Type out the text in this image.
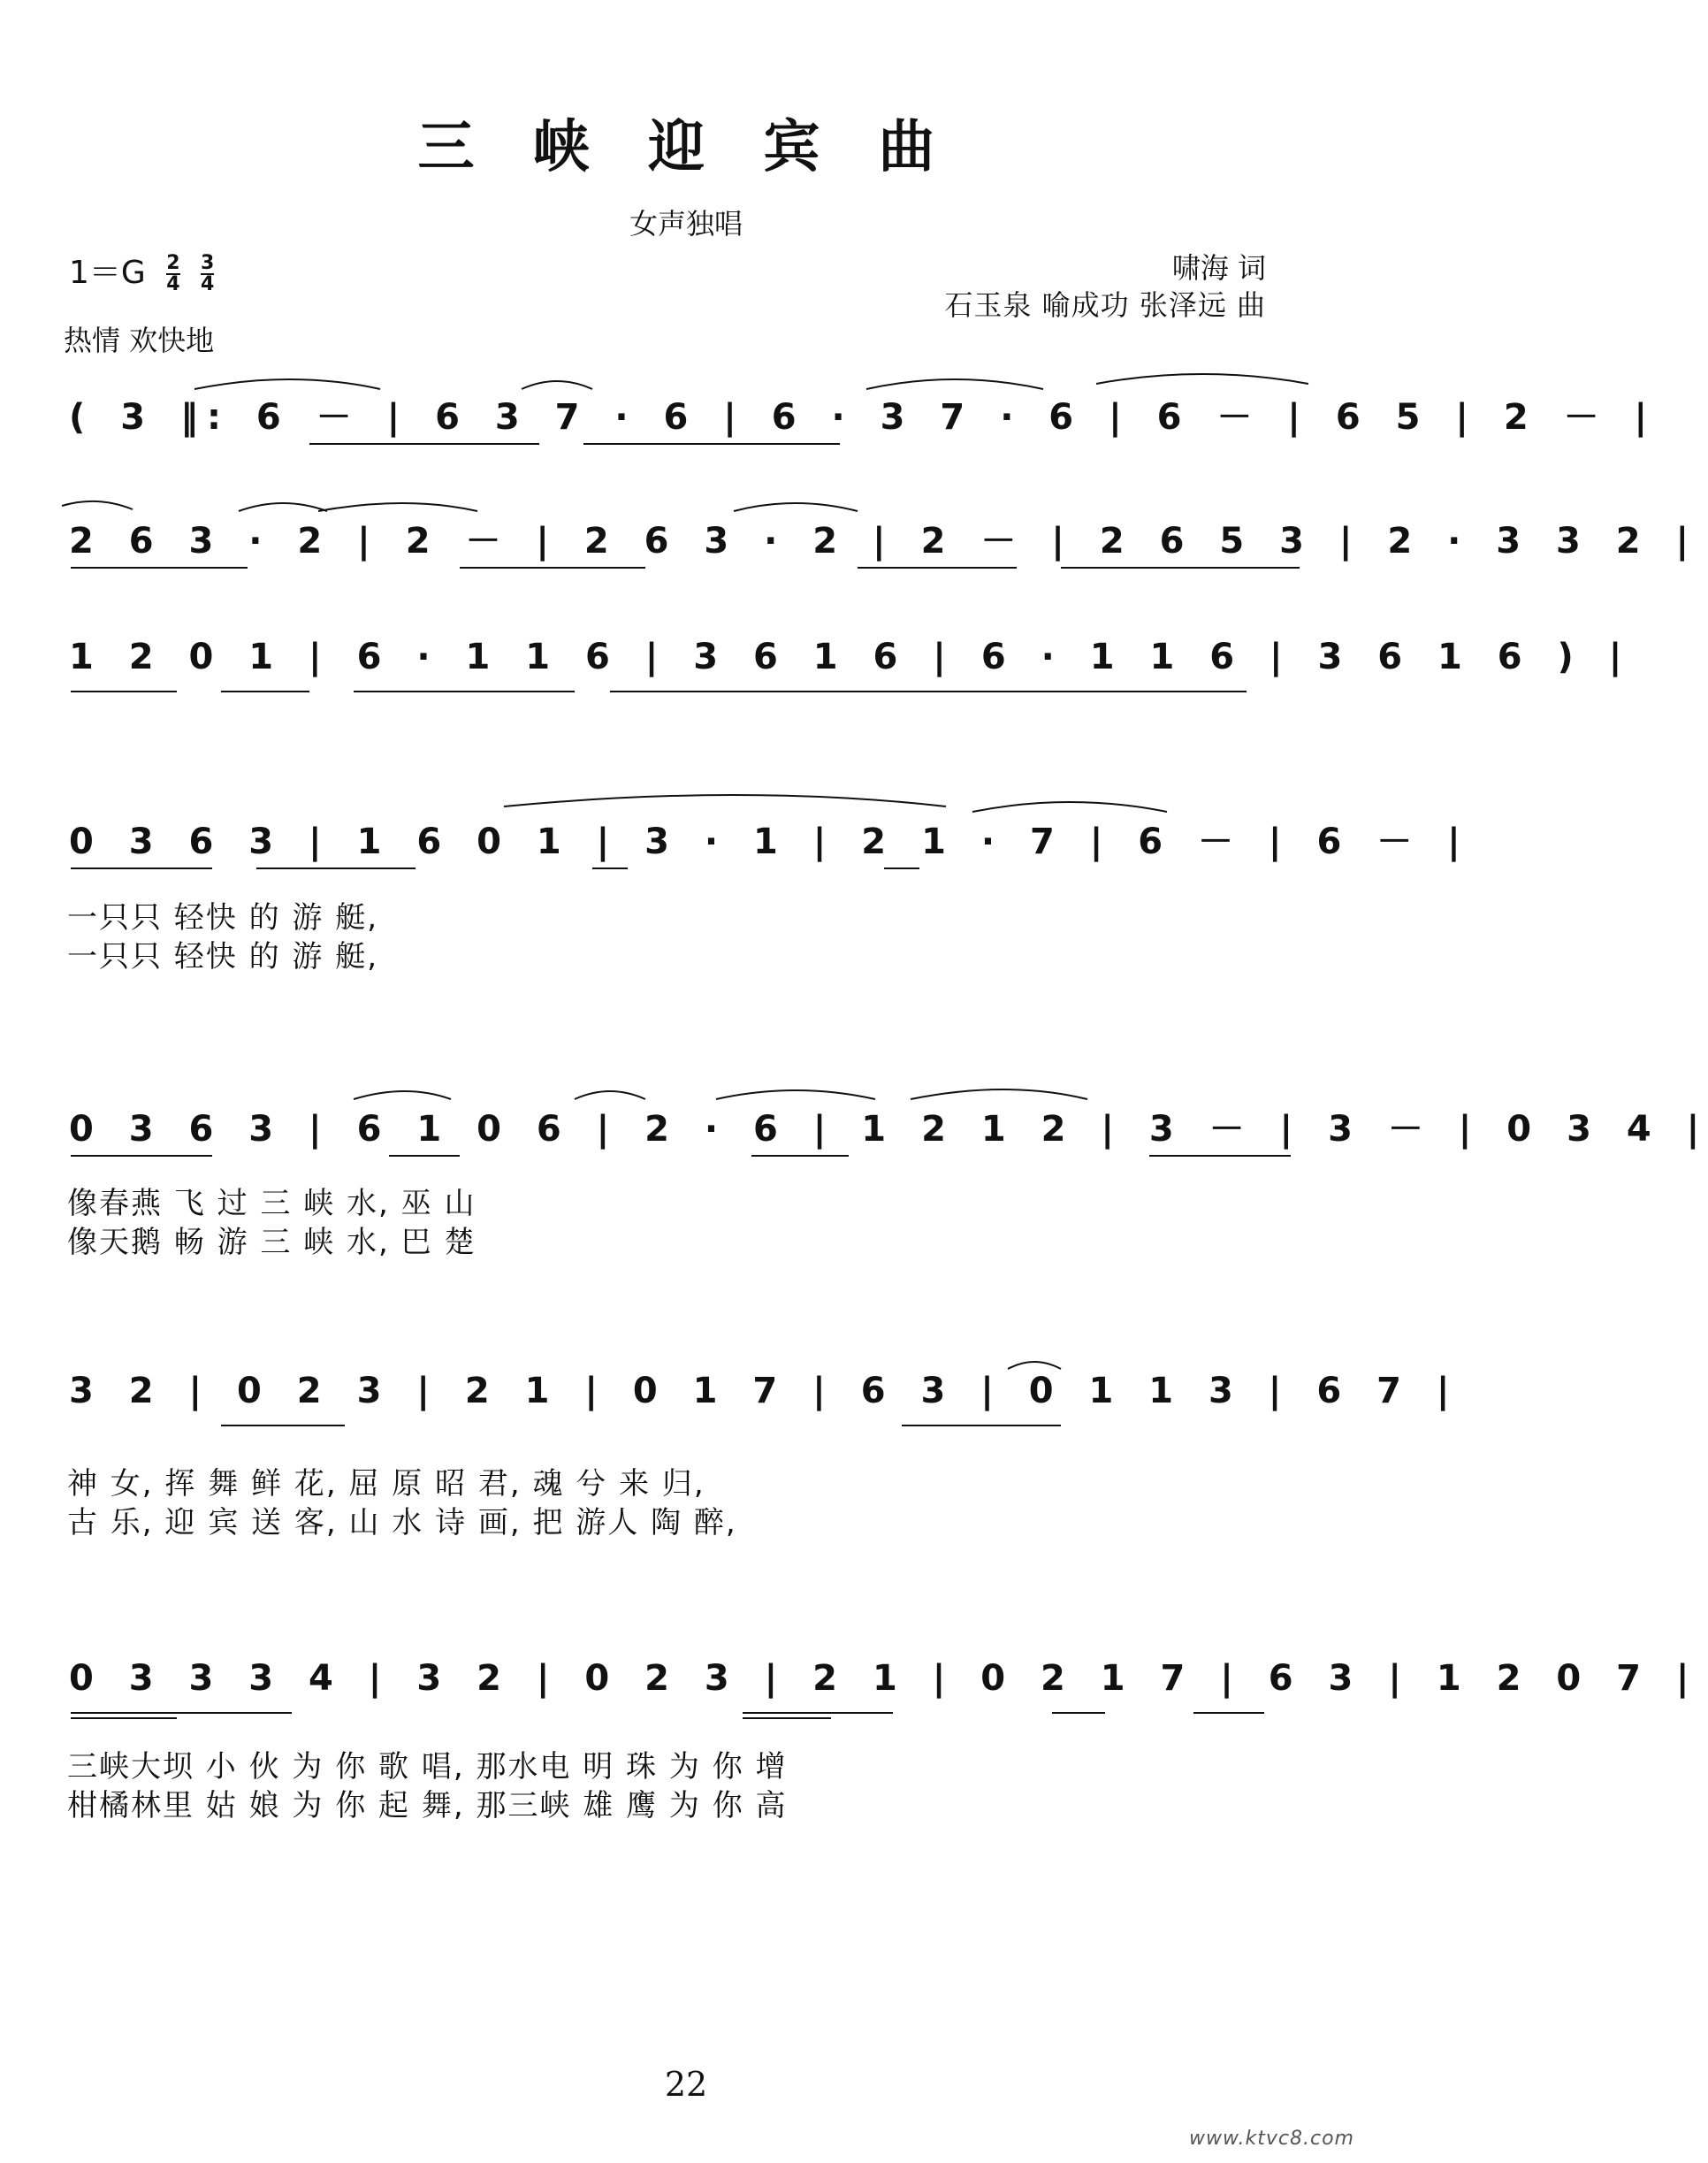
三 峡 迎 宾 曲
女声独唱
$1=G \frac{2}{4}$
$\frac{3}{4}$	啸海 词
石玉泉 喻成功 张泽远 曲
热情 欢快地
( 3 ‖: 6 － | 6 3 7 · 6 | 6 · 3 7 · 6 | 6 － | 6 5 | 2 － |
2 6 3 · 2 | 2 － | 2 6 3 · 2 | 2 － | 2 6 5 3 | 2 · 3 3 2 |
1 2 0 1 | 6 · 1 1 6 | 3 6 1 6 | 6 · 1 1 6 | 3 6 1 6 ) |
0 3 6 3 | 1 6 0 1 | 3 · 1 | 2 1 · 7 | 6 － | 6 － |
一只只 轻快 的 游 艇,
一只只 轻快 的 游 艇,
0 3 6 3 | 6 1 0 6 | 2 · 6 | 1 2 1 2 | 3 － | 3 － | 0 3 4 |
像春燕 飞 过 三 峡 水, 巫 山
像天鹅 畅 游 三 峡 水, 巴 楚
3 2 | 0 2 3 | 2 1 | 0 1 7 | 6 3 | 0 1 1 3 | 6 7 |
神 女, 挥 舞 鲜 花, 屈 原 昭 君, 魂 兮 来 归,
古 乐, 迎 宾 送 客, 山 水 诗 画, 把 游人 陶 醉,
0 3 3 3 4 | 3 2 | 0 2 3 | 2 1 | 0 2 1 7 | 6 3 | 1 2 0 7 |
三峡大坝 小 伙 为 你 歌 唱, 那水电 明 珠 为 你 增
柑橘林里 姑 娘 为 你 起 舞, 那三峡 雄 鹰 为 你 高
22
www.ktvc8.com
